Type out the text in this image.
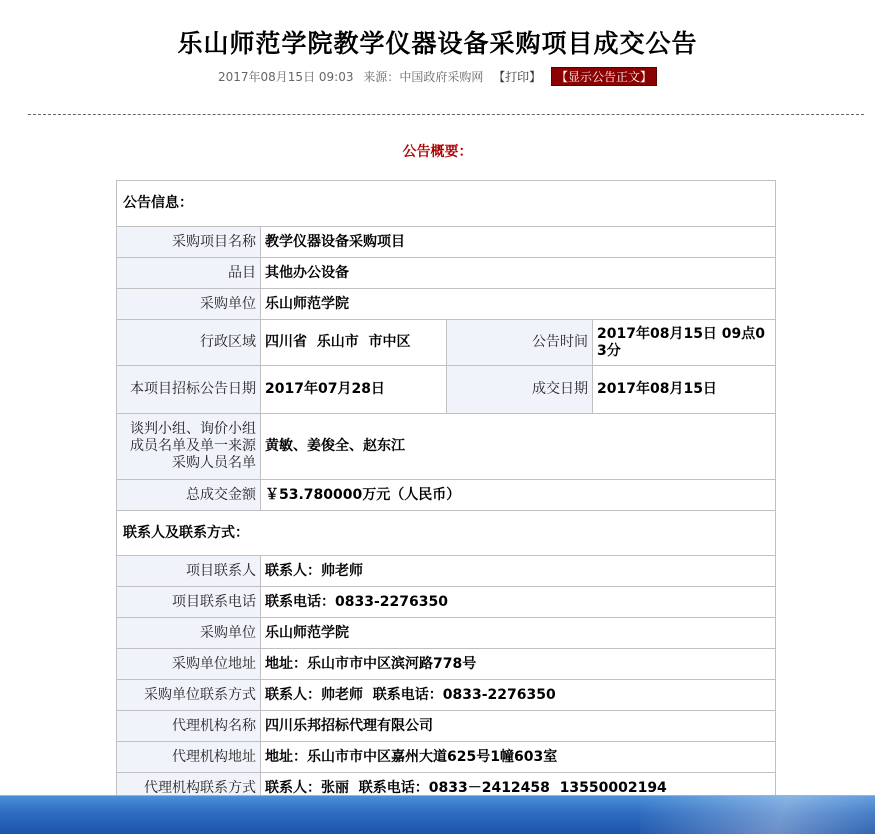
乐山师范学院教学仪器设备采购项目成交公告
2017年08月15日 09:03 来源：中国政府采购网 【打印】 【显示公告正文】
公告概要：
公告信息：			
采购项目名称	教学仪器设备采购项目		
品目	其他办公设备		
采购单位	乐山师范学院		
行政区域	四川省  乐山市  市中区	公告时间	2017年08月15日 09点03分
本项目招标公告日期	2017年07月28日	成交日期	2017年08月15日
谈判小组、询价小组成员名单及单一来源采购人员名单	黄敏、姜俊全、赵东江		
总成交金额	￥53.780000万元（人民币）		
联系人及联系方式：			
项目联系人	联系人：帅老师		
项目联系电话	联系电话：0833-2276350		
采购单位	乐山师范学院		
采购单位地址	地址：乐山市市中区滨河路778号		
采购单位联系方式	联系人：帅老师  联系电话：0833-2276350		
代理机构名称	四川乐邦招标代理有限公司		
代理机构地址	地址：乐山市市中区嘉州大道625号1幢603室		
代理机构联系方式	联系人：张丽  联系电话：0833－2412458  13550002194		
